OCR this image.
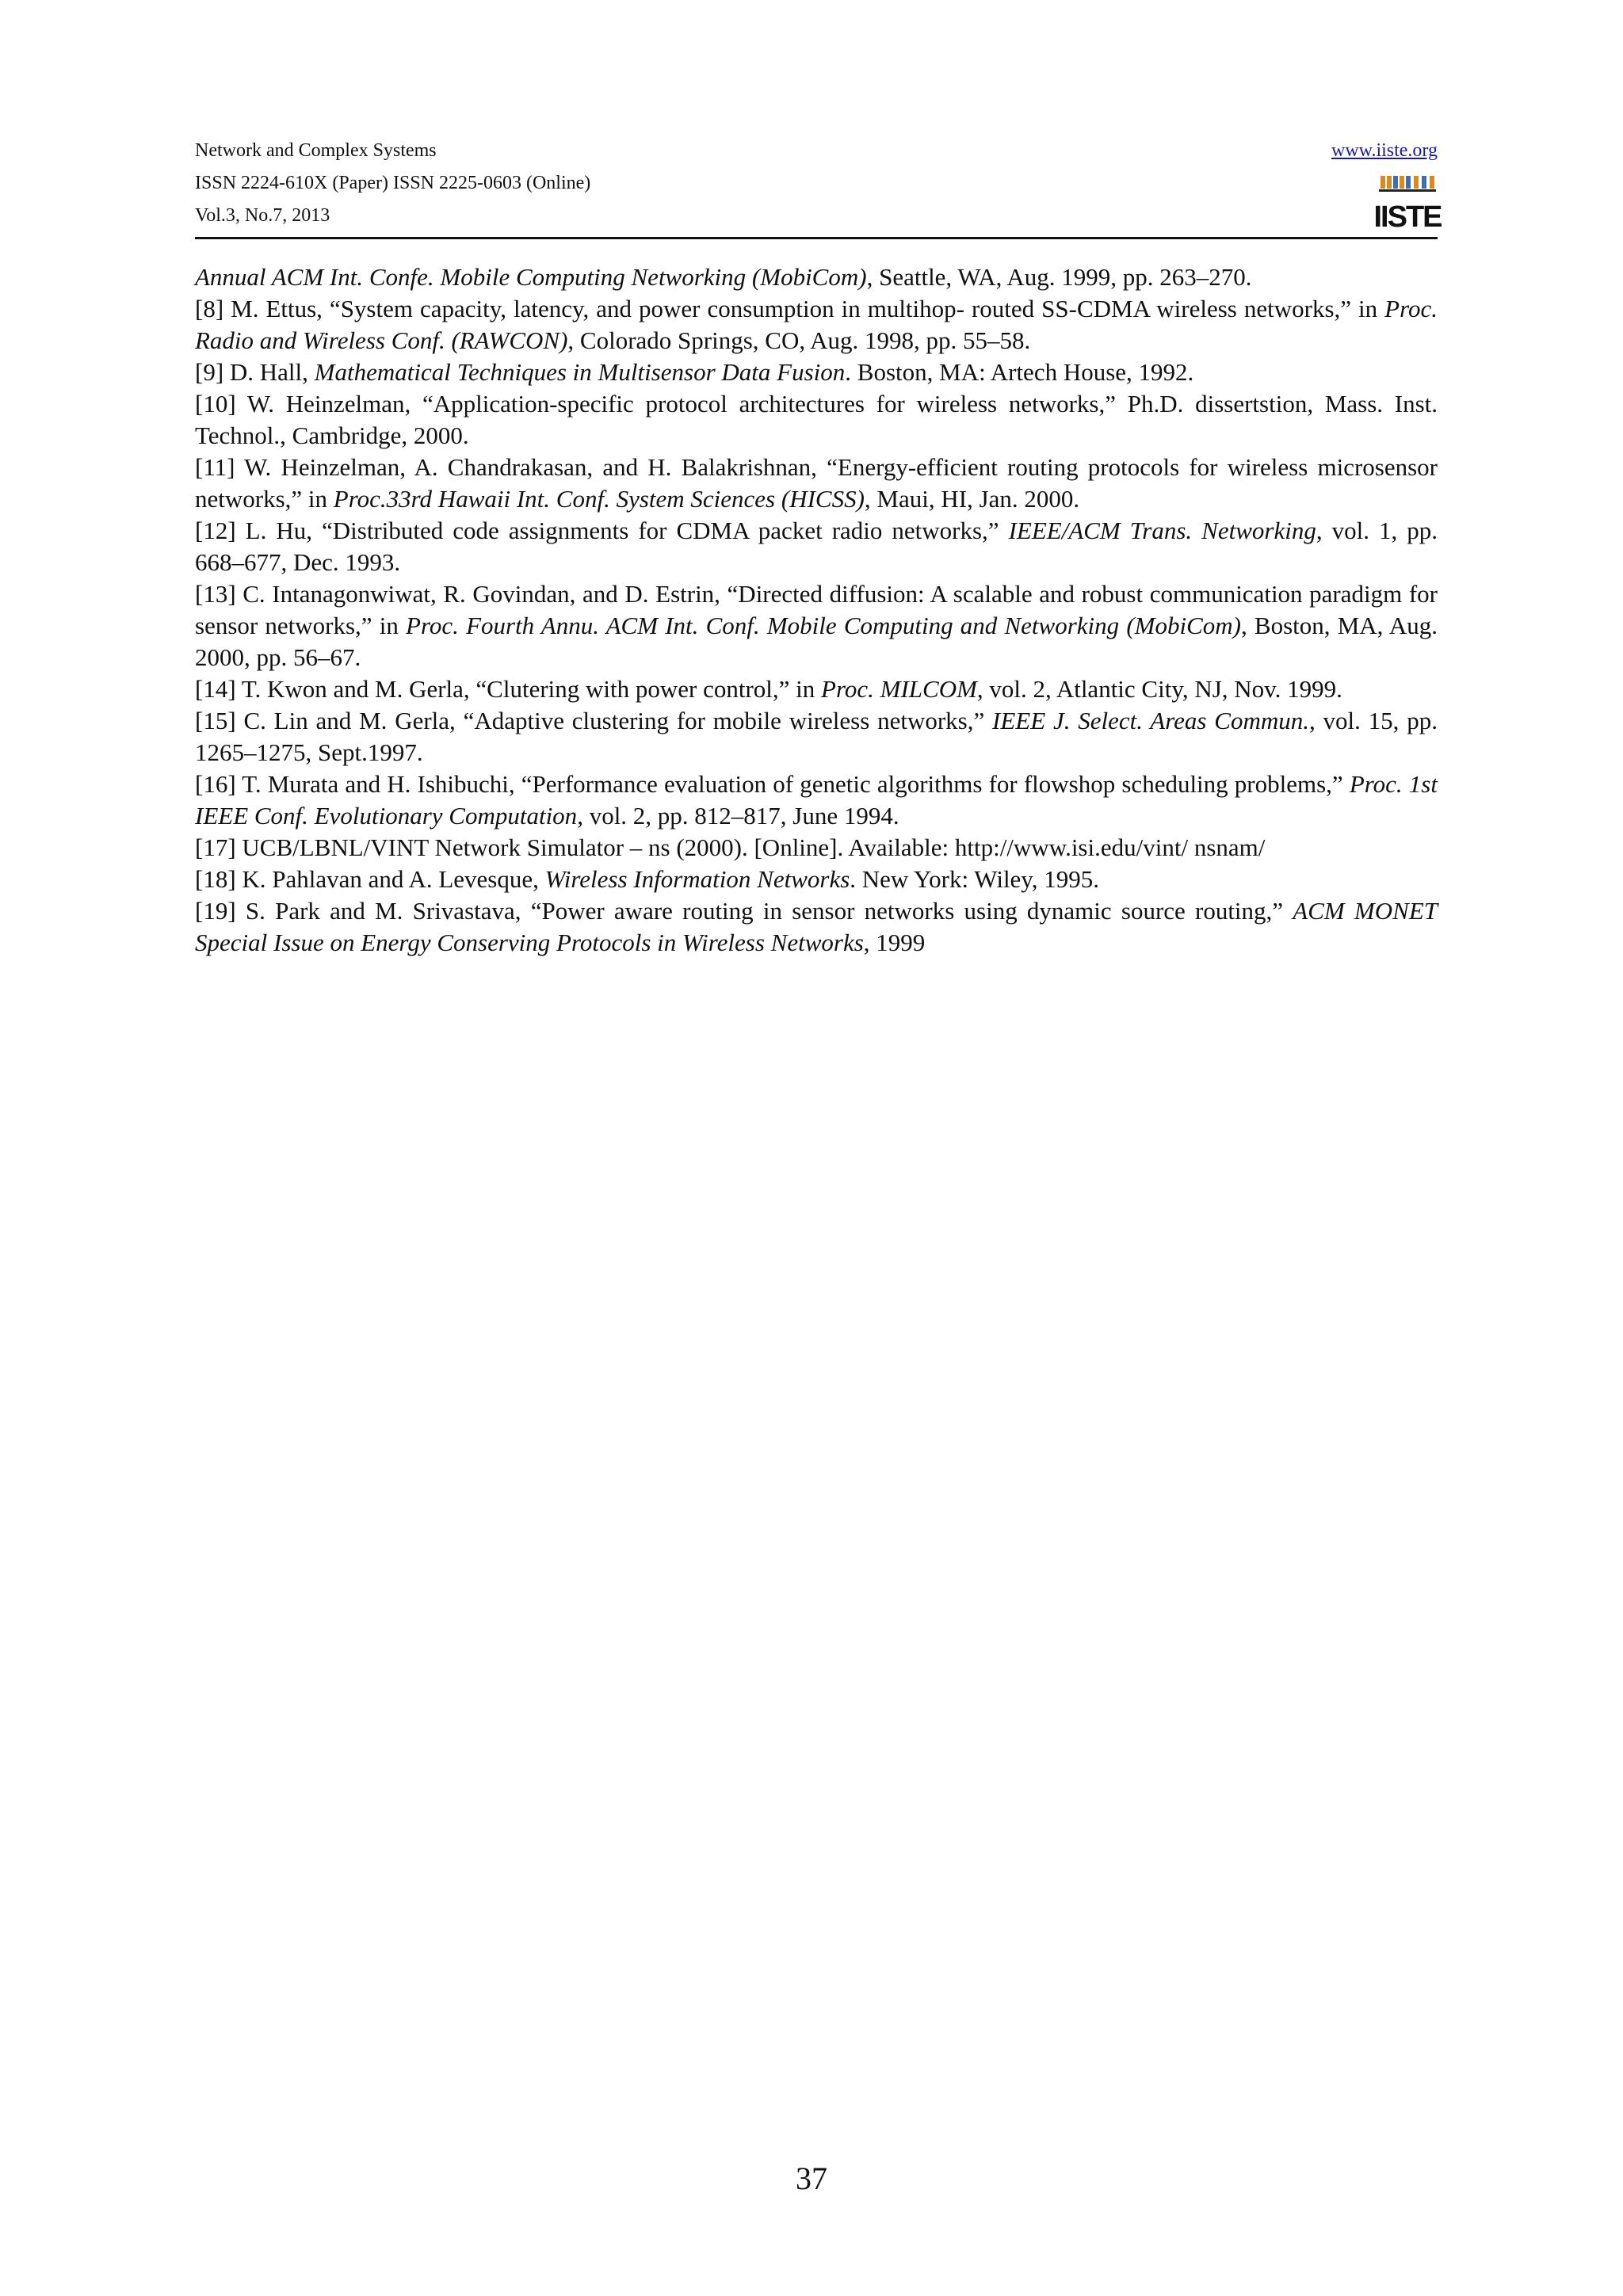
Network and Complex Systems
ISSN 2224-610X (Paper) ISSN 2225-0603 (Online)
Vol.3, No.7, 2013
www.iiste.org
IISTE

Annual ACM Int. Confe. Mobile Computing Networking (MobiCom), Seattle, WA, Aug. 1999, pp. 263–270.

[8] M. Ettus, “System capacity, latency, and power consumption in multihop- routed SS-CDMA wireless networks,” in Proc. Radio and Wireless Conf. (RAWCON), Colorado Springs, CO, Aug. 1998, pp. 55–58.

[9] D. Hall, Mathematical Techniques in Multisensor Data Fusion. Boston, MA: Artech House, 1992.

[10] W. Heinzelman, “Application-specific protocol architectures for wireless networks,” Ph.D. dissertstion, Mass. Inst. Technol., Cambridge, 2000.

[11] W. Heinzelman, A. Chandrakasan, and H. Balakrishnan, “Energy-efficient routing protocols for wireless microsensor networks,” in Proc.33rd Hawaii Int. Conf. System Sciences (HICSS), Maui, HI, Jan. 2000.

[12] L. Hu, “Distributed code assignments for CDMA packet radio networks,” IEEE/ACM Trans. Networking, vol. 1, pp. 668–677, Dec. 1993.

[13] C. Intanagonwiwat, R. Govindan, and D. Estrin, “Directed diffusion: A scalable and robust communication paradigm for sensor networks,” in Proc. Fourth Annu. ACM Int. Conf. Mobile Computing and Networking (MobiCom), Boston, MA, Aug. 2000, pp. 56–67.

[14] T. Kwon and M. Gerla, “Clutering with power control,” in Proc. MILCOM, vol. 2, Atlantic City, NJ, Nov. 1999.

[15] C. Lin and M. Gerla, “Adaptive clustering for mobile wireless networks,” IEEE J. Select. Areas Commun., vol. 15, pp. 1265–1275, Sept.1997.

[16] T. Murata and H. Ishibuchi, “Performance evaluation of genetic algorithms for flowshop scheduling problems,” Proc. 1st IEEE Conf. Evolutionary Computation, vol. 2, pp. 812–817, June 1994.

[17] UCB/LBNL/VINT Network Simulator – ns (2000). [Online]. Available: http://www.isi.edu/vint/ nsnam/

[18] K. Pahlavan and A. Levesque, Wireless Information Networks. New York: Wiley, 1995.

[19] S. Park and M. Srivastava, “Power aware routing in sensor networks using dynamic source routing,” ACM MONET Special Issue on Energy Conserving Protocols in Wireless Networks, 1999

37
